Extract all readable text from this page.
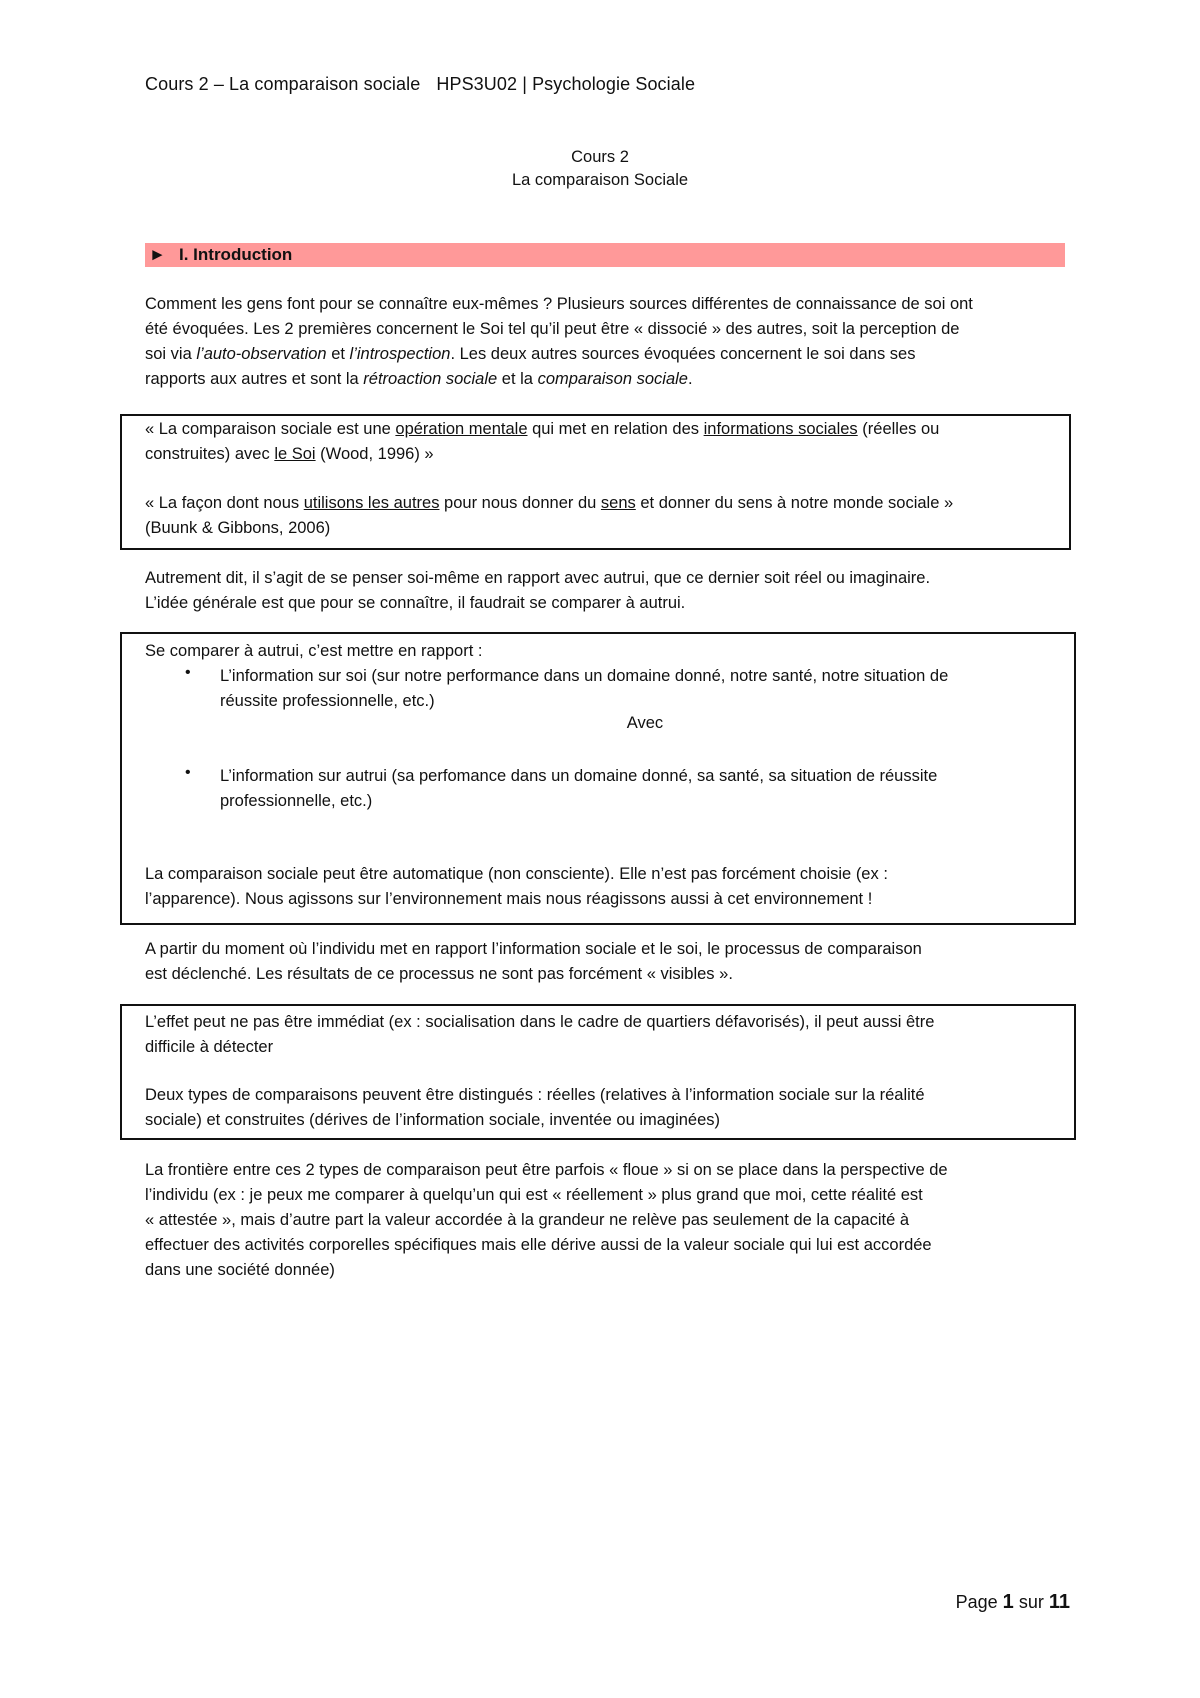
Cours 2 – La comparaison sociale HPS3U02 | Psychologie Sociale
Cours 2
La comparaison Sociale
► I. Introduction
Comment les gens font pour se connaître eux-mêmes ? Plusieurs sources différentes de connaissance de soi ont
été évoquées. Les 2 premières concernent le Soi tel qu’il peut être « dissocié » des autres, soit la perception de
soi via l’auto-observation et l’introspection. Les deux autres sources évoquées concernent le soi dans ses
rapports aux autres et sont la rétroaction sociale et la comparaison sociale.
« La comparaison sociale est une opération mentale qui met en relation des informations sociales (réelles ou
construites) avec le Soi (Wood, 1996) »
« La façon dont nous utilisons les autres pour nous donner du sens et donner du sens à notre monde sociale »
(Buunk & Gibbons, 2006)
Autrement dit, il s’agit de se penser soi-même en rapport avec autrui, que ce dernier soit réel ou imaginaire.
L’idée générale est que pour se connaître, il faudrait se comparer à autrui.
Se comparer à autrui, c’est mettre en rapport :
• L’information sur soi (sur notre performance dans un domaine donné, notre santé, notre situation de
réussite professionnelle, etc.)
Avec
• L’information sur autrui (sa perfomance dans un domaine donné, sa santé, sa situation de réussite
professionnelle, etc.)
La comparaison sociale peut être automatique (non consciente). Elle n’est pas forcément choisie (ex :
l’apparence). Nous agissons sur l’environnement mais nous réagissons aussi à cet environnement !
A partir du moment où l’individu met en rapport l’information sociale et le soi, le processus de comparaison
est déclenché. Les résultats de ce processus ne sont pas forcément « visibles ».
L’effet peut ne pas être immédiat (ex : socialisation dans le cadre de quartiers défavorisés), il peut aussi être
difficile à détecter
Deux types de comparaisons peuvent être distingués : réelles (relatives à l’information sociale sur la réalité
sociale) et construites (dérives de l’information sociale, inventée ou imaginées)
La frontière entre ces 2 types de comparaison peut être parfois « floue » si on se place dans la perspective de
l’individu (ex : je peux me comparer à quelqu’un qui est « réellement » plus grand que moi, cette réalité est
« attestée », mais d’autre part la valeur accordée à la grandeur ne relève pas seulement de la capacité à
effectuer des activités corporelles spécifiques mais elle dérive aussi de la valeur sociale qui lui est accordée
dans une société donnée)
Page 1 sur 11
